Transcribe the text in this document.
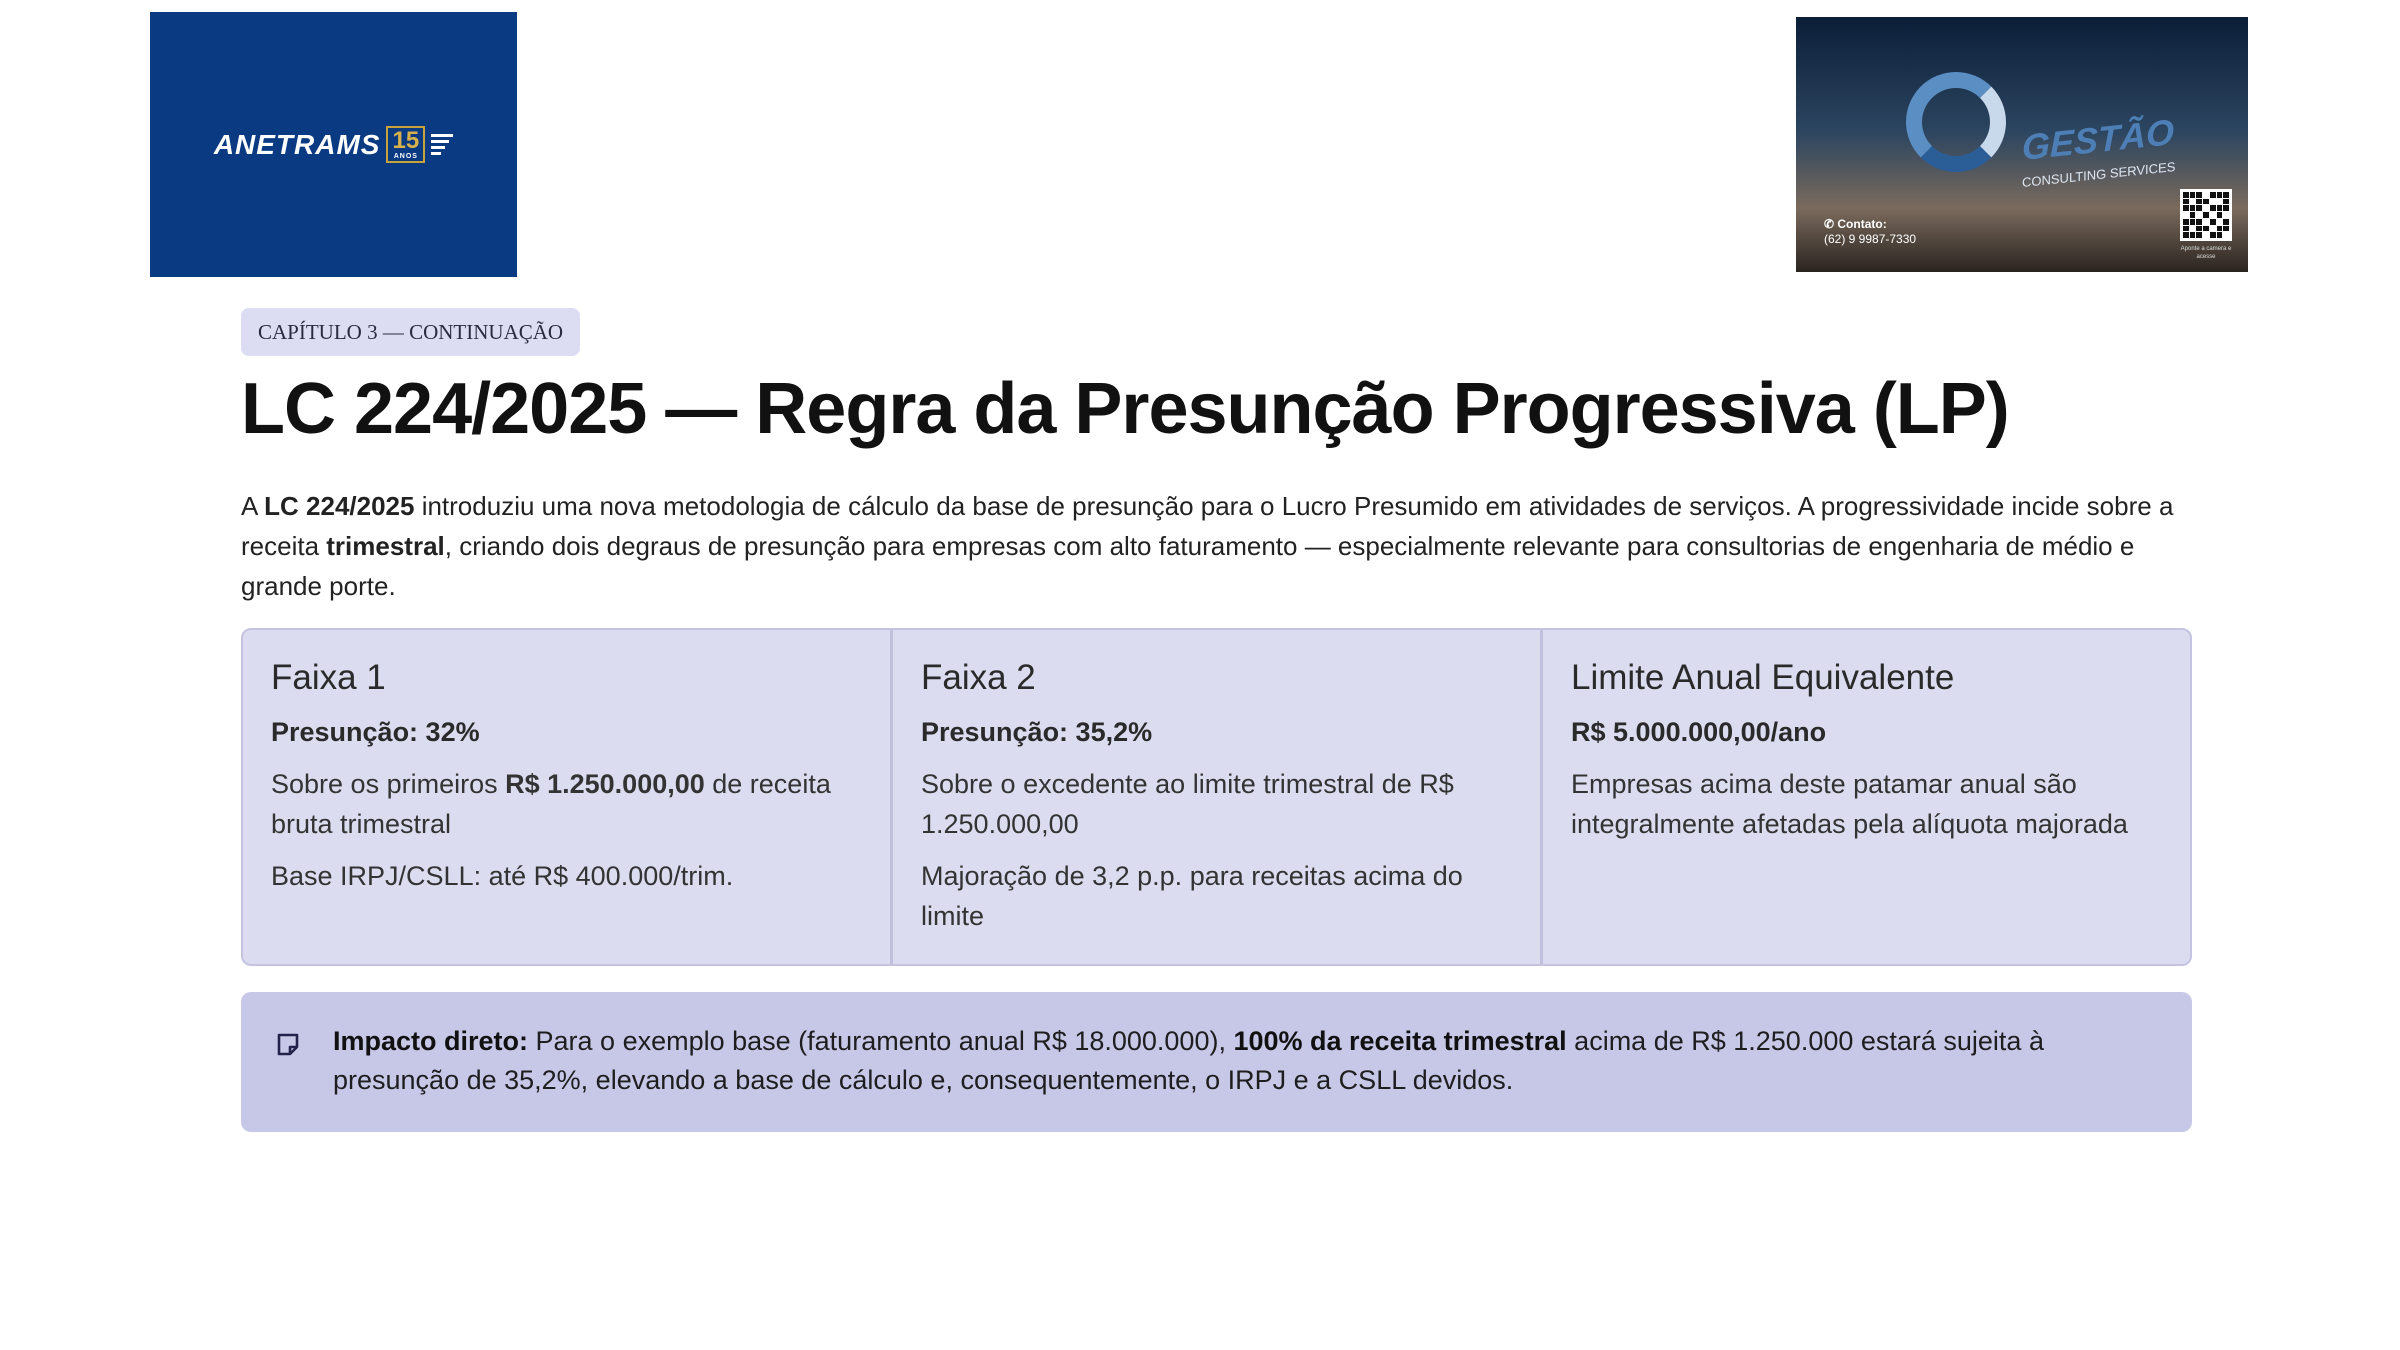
ANETRAMS 15
ANOS	GESTÃO
CONSULTING SERVICES
✆ Contato:
(62) 9 9987-7330
Aponte a camera e acesse
CAPÍTULO 3 — CONTINUAÇÃO
LC 224/2025 — Regra da Presunção Progressiva (LP)

A LC 224/2025 introduziu uma nova metodologia de cálculo da base de presunção para o Lucro Presumido em atividades de serviços. A progressividade incide sobre a receita trimestral, criando dois degraus de presunção para empresas com alto faturamento — especialmente relevante para consultorias de engenharia de médio e grande porte.

Faixa 1

Presunção: 32%

Sobre os primeiros R$ 1.250.000,00 de receita bruta trimestral

Base IRPJ/CSLL: até R$ 400.000/trim.

Faixa 2

Presunção: 35,2%

Sobre o excedente ao limite trimestral de R$ 1.250.000,00

Majoração de 3,2 p.p. para receitas acima do limite

Limite Anual Equivalente

R$ 5.000.000,00/ano

Empresas acima deste patamar anual são integralmente afetadas pela alíquota majorada

Impacto direto: Para o exemplo base (faturamento anual R$ 18.000.000), 100% da receita trimestral acima de R$ 1.250.000 estará sujeita à presunção de 35,2%, elevando a base de cálculo e, consequentemente, o IRPJ e a CSLL devidos.
